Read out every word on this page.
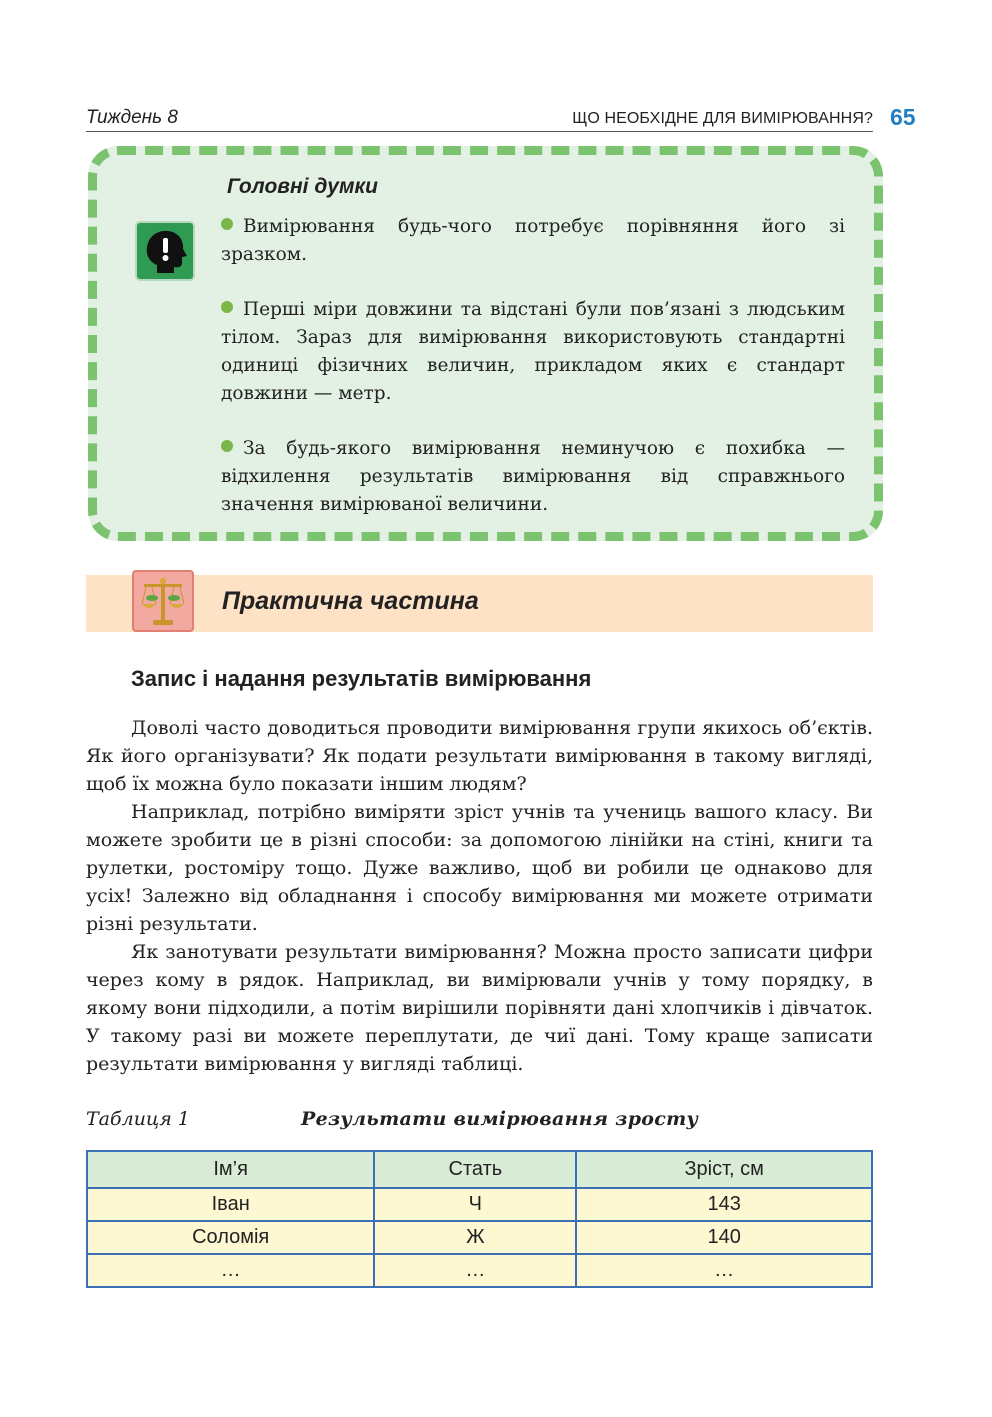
Тиждень 8	ЩО НЕОБХІДНЕ ДЛЯ ВИМІРЮВАННЯ? 65
Головні думки

Вимірювання будь-чого потребує порівняння його зі зразком.

Перші міри довжини та відстані були пов’язані з людським тілом. Зараз для вимірювання використовують стандартні одиниці фізичних величин, прикладом яких є стандарт довжини — метр.

За будь-якого вимірювання неминучою є похибка — відхилення результатів вимірювання від справжнього значення вимірюваної величини.

Практична частина
Запис і надання результатів вимірювання

Доволі часто доводиться проводити вимірювання групи якихось об’єктів. Як його організувати? Як подати результати вимірювання в такому вигляді, щоб їх можна було показати іншим людям?

Наприклад, потрібно виміряти зріст учнів та учениць вашого класу. Ви можете зробити це в різні способи: за допомогою лінійки на стіні, книги та рулетки, ростоміру тощо. Дуже важливо, щоб ви робили це однаково для усіх! Залежно від обладнання і способу вимірювання ми можете отримати різні результати.

Як занотувати результати вимірювання? Можна просто записати цифри через кому в рядок. Наприклад, ви вимірювали учнів у тому порядку, в якому вони підходили, а потім вирішили порівняти дані хлопчиків і дівчаток. У такому разі ви можете переплутати, де чиї дані. Тому краще записати результати вимірювання у вигляді таблиці.

Таблиця 1	Результати вимірювання зросту
Ім’я	Стать	Зріст, см
Іван	Ч	143
Соломія	Ж	140
…	…	…
